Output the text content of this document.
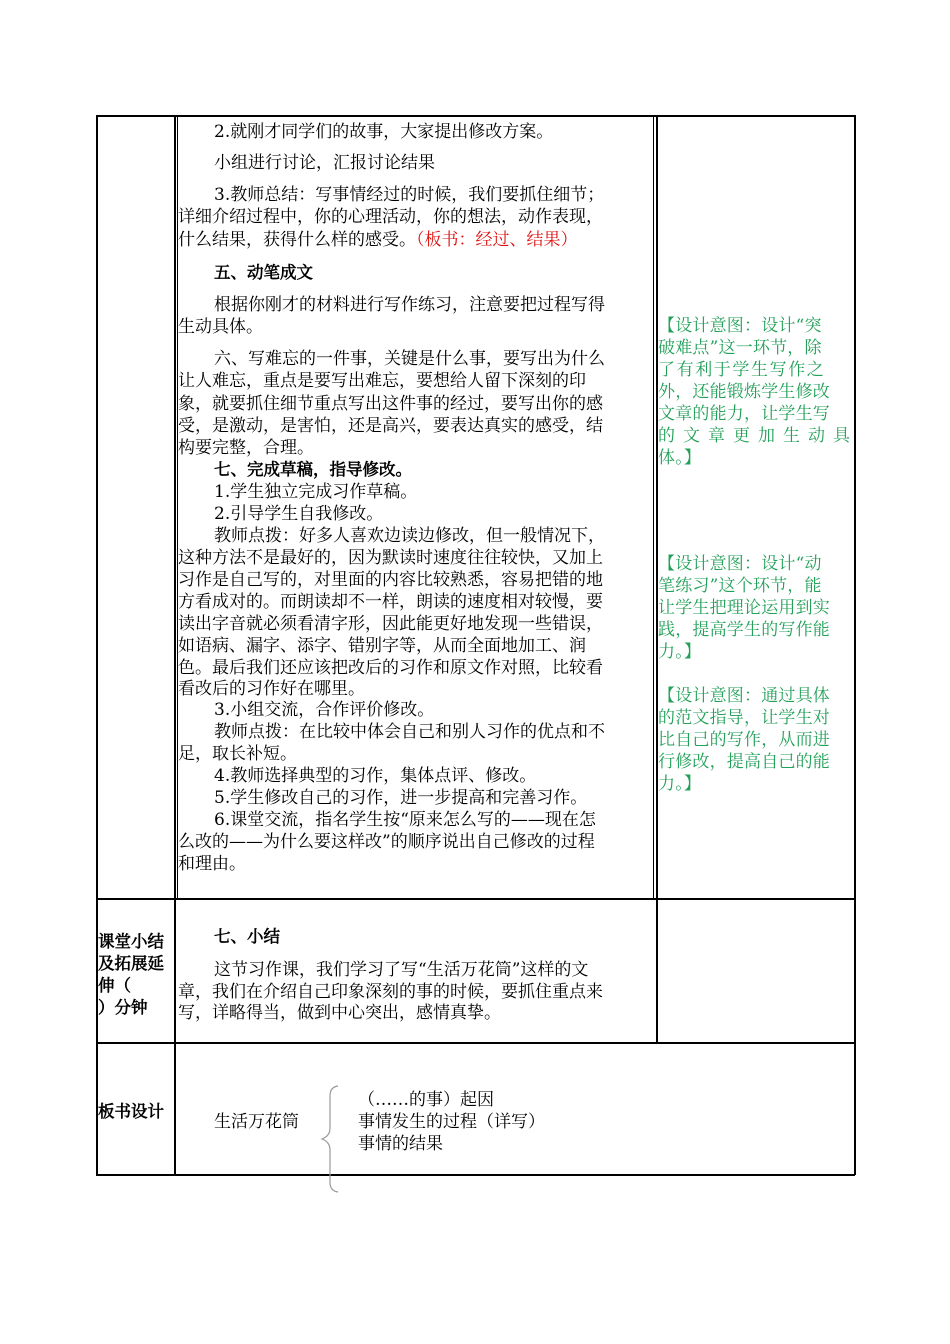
2.就刚才同学们的故事，大家提出修改方案。

小组进行讨论，汇报讨论结果

3.教师总结：写事情经过的时候，我们要抓住细节；

详细介绍过程中，你的心理活动，你的想法，动作表现，

什么结果，获得什么样的感受。（板书：经过、结果）

五、动笔成文

根据你刚才的材料进行写作练习，注意要把过程写得

生动具体。

六、写难忘的一件事，关键是什么事，要写出为什么

让人难忘，重点是要写出难忘，要想给人留下深刻的印

象，就要抓住细节重点写出这件事的经过，要写出你的感

受，是激动，是害怕，还是高兴，要表达真实的感受，结

构要完整，合理。

七、完成草稿，指导修改。

1.学生独立完成习作草稿。

2.引导学生自我修改。

教师点拨：好多人喜欢边读边修改，但一般情况下，

这种方法不是最好的，因为默读时速度往往较快，又加上

习作是自己写的，对里面的内容比较熟悉，容易把错的地

方看成对的。而朗读却不一样，朗读的速度相对较慢，要

读出字音就必须看清字形，因此能更好地发现一些错误，

如语病、漏字、添字、错别字等，从而全面地加工、润

色。最后我们还应该把改后的习作和原文作对照，比较看

看改后的习作好在哪里。

3.小组交流，合作评价修改。

教师点拨：在比较中体会自己和别人习作的优点和不

足，取长补短。

4.教师选择典型的习作，集体点评、修改。

5.学生修改自己的习作，进一步提高和完善习作。

6.课堂交流，指名学生按“原来怎么写的——现在怎

么改的——为什么要这样改”的顺序说出自己修改的过程

和理由。

【设计意图：设计“突

破难点”这一环节，除

了有利于学生写作之

外，还能锻炼学生修改

文章的能力，让学生写

的文章更加生动具

体。】

【设计意图：设计“动

笔练习”这个环节，能

让学生把理论运用到实

践，提高学生的写作能

力。】

【设计意图：通过具体

的范文指导，让学生对

比自己的写作，从而进

行修改，提高自己的能

力。】

课堂小结

及拓展延

伸（

）分钟

七、小结

这节习作课，我们学习了写“生活万花筒”这样的文

章，我们在介绍自己印象深刻的事的时候，要抓住重点来

写，详略得当，做到中心突出，感情真挚。

板书设计

生活万花筒

（……的事）起因

事情发生的过程（详写）

事情的结果
